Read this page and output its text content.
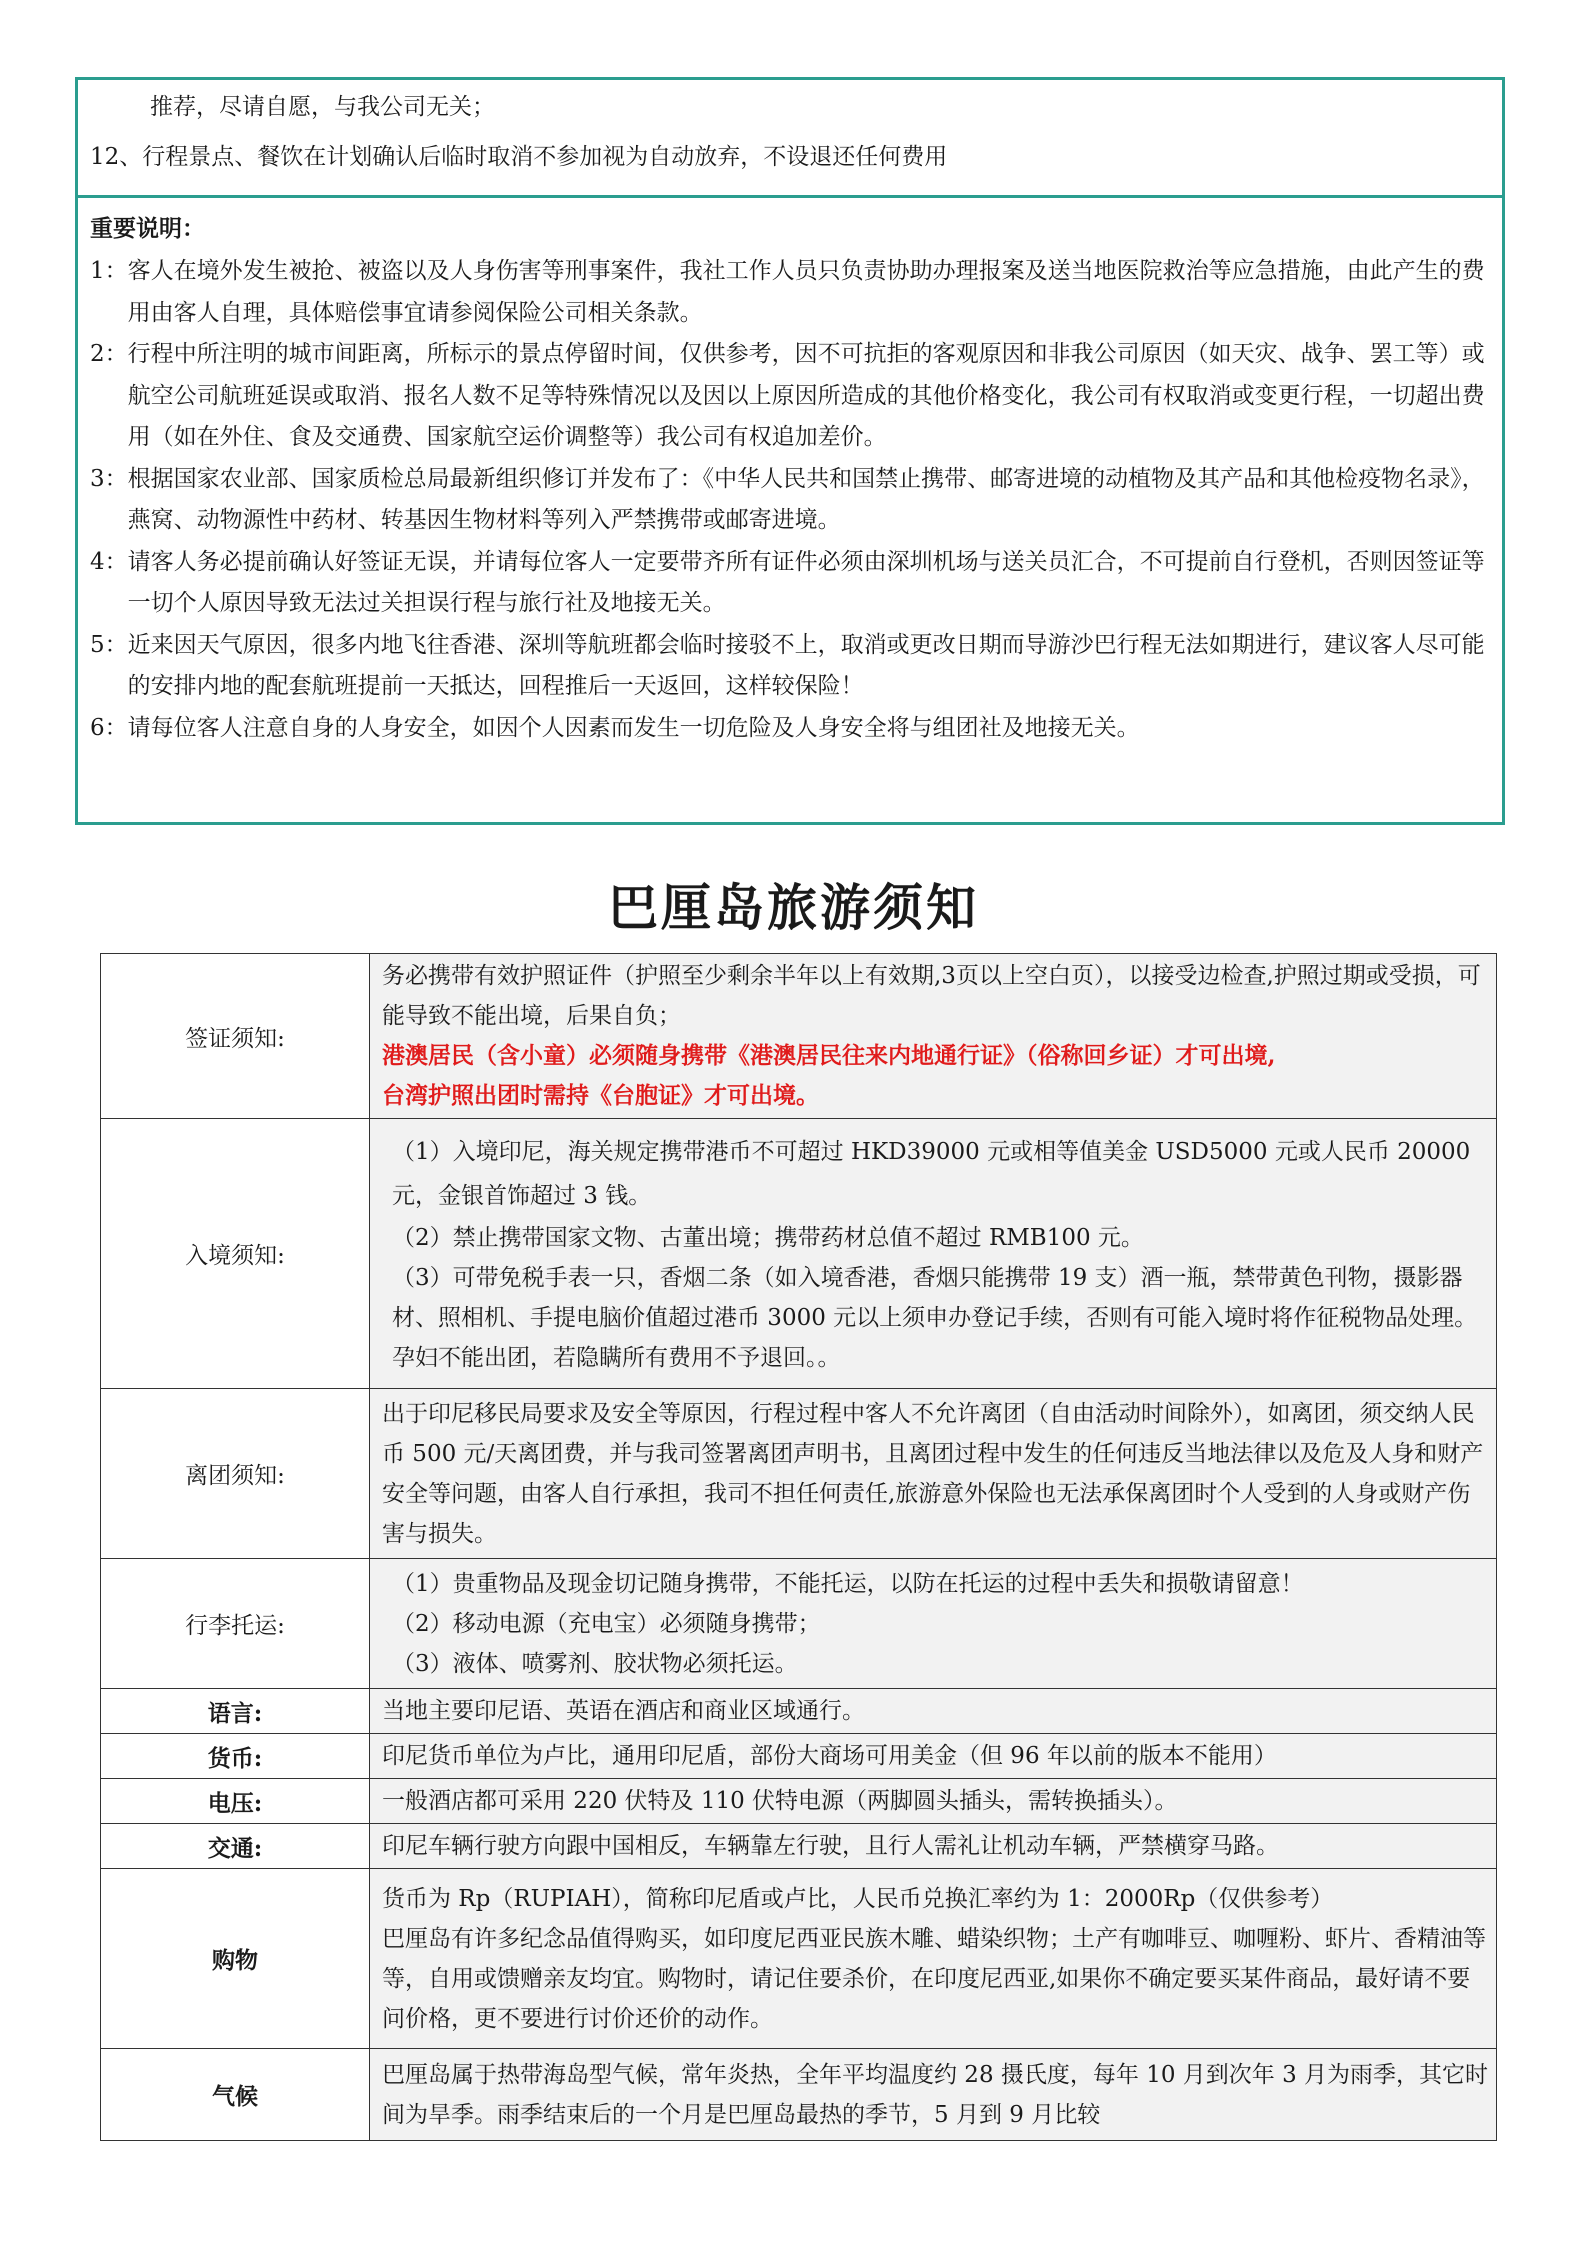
推荐，尽请自愿，与我公司无关；
12、行程景点、餐饮在计划确认后临时取消不参加视为自动放弃，不设退还任何费用
重要说明：
1： 客人在境外发生被抢、被盗以及人身伤害等刑事案件，我社工作人员只负责协助办理报案及送当地医院救治等应急措施，由此产生的费用由客人自理，具体赔偿事宜请参阅保险公司相关条款。
2： 行程中所注明的城市间距离，所标示的景点停留时间，仅供参考，因不可抗拒的客观原因和非我公司原因（如天灾、战争、罢工等）或航空公司航班延误或取消、报名人数不足等特殊情况以及因以上原因所造成的其他价格变化，我公司有权取消或变更行程，一切超出费用（如在外住、食及交通费、国家航空运价调整等）我公司有权追加差价。
3： 根据国家农业部、国家质检总局最新组织修订并发布了：《中华人民共和国禁止携带、邮寄进境的动植物及其产品和其他检疫物名录》，燕窝、动物源性中药材、转基因生物材料等列入严禁携带或邮寄进境。
4： 请客人务必提前确认好签证无误，并请每位客人一定要带齐所有证件必须由深圳机场与送关员汇合，不可提前自行登机，否则因签证等一切个人原因导致无法过关担误行程与旅行社及地接无关。
5： 近来因天气原因，很多内地飞往香港、深圳等航班都会临时接驳不上，取消或更改日期而导游沙巴行程无法如期进行，建议客人尽可能的安排内地的配套航班提前一天抵达，回程推后一天返回，这样较保险！
6： 请每位客人注意自身的人身安全，如因个人因素而发生一切危险及人身安全将与组团社及地接无关。
巴厘岛旅游须知
签证须知:	务必携带有效护照证件（护照至少剩余半年以上有效期,3页以上空白页），以接受边检查,护照过期或受损，可能导致不能出境，后果自负；
港澳居民（含小童）必须随身携带《港澳居民往来内地通行证》（俗称回乡证）才可出境,
台湾护照出团时需持《台胞证》才可出境。

入境须知:	（1）入境印尼，海关规定携带港币不可超过 HKD39000 元或相等值美金 USD5000 元或人民币 20000 元，金银首饰超过 3 钱。
（2）禁止携带国家文物、古董出境；携带药材总值不超过 RMB100 元。
（3）可带免税手表一只，香烟二条（如入境香港，香烟只能携带 19 支）酒一瓶，禁带黄色刊物，摄影器材、照相机、手提电脑价值超过港币 3000 元以上须申办登记手续，否则有可能入境时将作征税物品处理。孕妇不能出团，若隐瞒所有费用不予退回。。

离团须知:	出于印尼移民局要求及安全等原因，行程过程中客人不允许离团（自由活动时间除外），如离团，须交纳人民币 500 元/天离团费，并与我司签署离团声明书，且离团过程中发生的任何违反当地法律以及危及人身和财产安全等问题，由客人自行承担，我司不担任何责任,旅游意外保险也无法承保离团时个人受到的人身或财产伤害与损失。
行李托运:	（1）贵重物品及现金切记随身携带，不能托运，以防在托运的过程中丢失和损敬请留意！
（2）移动电源（充电宝）必须随身携带；
（3）液体、喷雾剂、胶状物必须托运。

语言:	当地主要印尼语、英语在酒店和商业区域通行。
货币:	印尼货币单位为卢比，通用印尼盾，部份大商场可用美金（但 96 年以前的版本不能用）
电压:	一般酒店都可采用 220 伏特及 110 伏特电源（两脚圆头插头，需转换插头）。
交通:	印尼车辆行驶方向跟中国相反，车辆靠左行驶，且行人需礼让机动车辆，严禁横穿马路。
购物	货币为 Rp（RUPIAH），简称印尼盾或卢比，人民币兑换汇率约为 1：2000Rp（仅供参考）
巴厘岛有许多纪念品值得购买，如印度尼西亚民族木雕、蜡染织物；土产有咖啡豆、咖喱粉、虾片、香精油等等，自用或馈赠亲友均宜。购物时，请记住要杀价，在印度尼西亚,如果你不确定要买某件商品，最好请不要问价格，更不要进行讨价还价的动作。

气候	巴厘岛属于热带海岛型气候，常年炎热，全年平均温度约 28 摄氏度，每年 10 月到次年 3 月为雨季，其它时间为旱季。雨季结束后的一个月是巴厘岛最热的季节，5 月到 9 月比较
